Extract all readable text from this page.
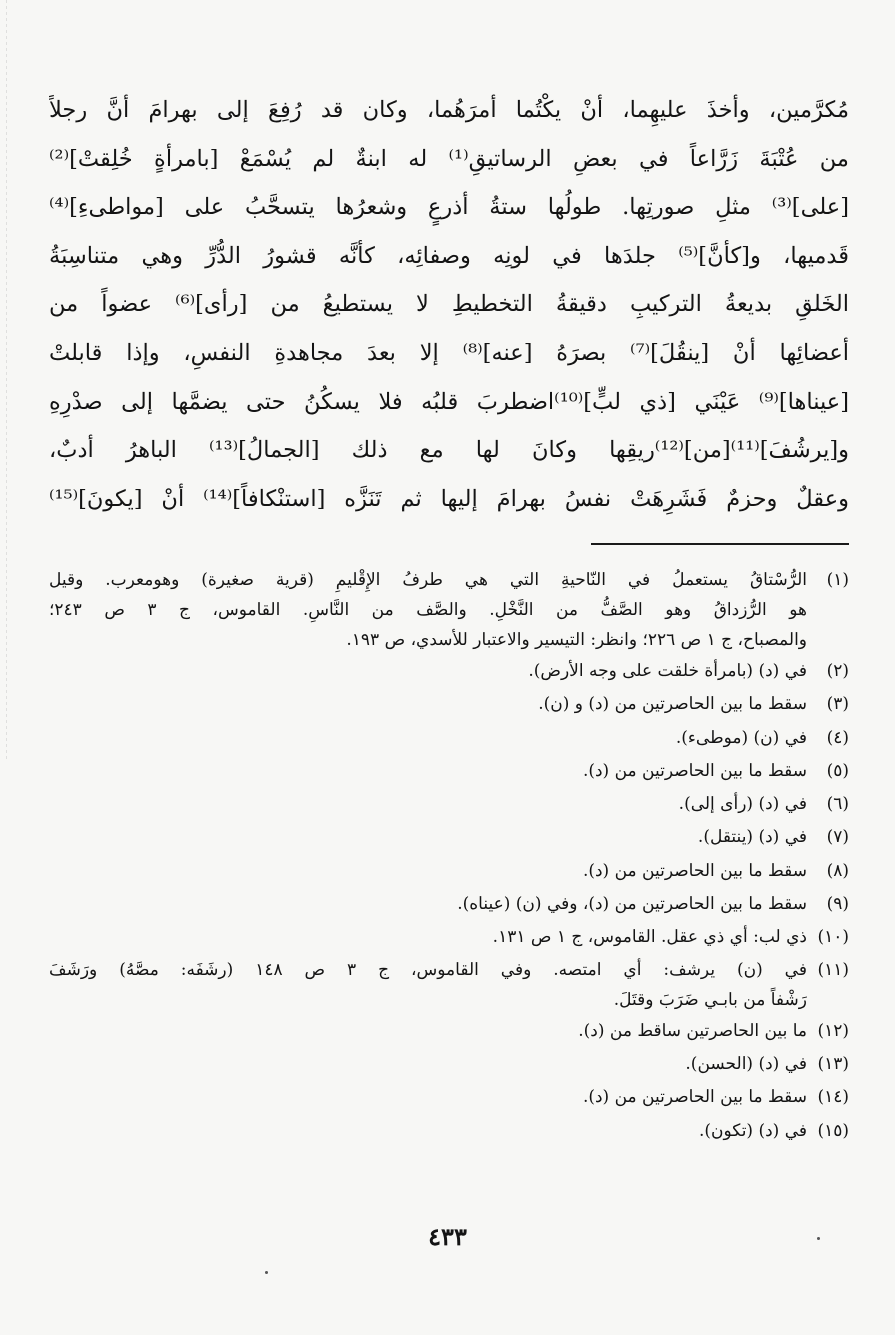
مُكرَّمين، وأخذَ عليهِما، أنْ يكْتُما أمرَهُما، وكان قد رُفِعَ إلى بهرامَ أنَّ رجلاً
من عُتْبَةَ زَرَّاعاً في بعضِ الرساتيقِ⁽¹⁾ له ابنةٌ لم يُسْمَعْ [بامرأةٍ خُلِقتْ]⁽²⁾
[على]⁽³⁾ مثلِ صورتِها. طولُها ستةُ أذرعٍ وشعرُها يتسحَّبُ على [مواطىءِ]⁽⁴⁾
قَدميها، و[كأنَّ]⁽⁵⁾ جلدَها في لونِه وصفائِه، كأنَّه قشورُ الدُّرِّ وهي متناسِبَةُ
الخَلقِ بديعةُ التركيبِ دقيقةُ التخطيطِ لا يستطيعُ من [رأى]⁽⁶⁾ عضواً من
أعضائِها أنْ [ينقُلَ]⁽⁷⁾ بصرَهُ [عنه]⁽⁸⁾ إلا بعدَ مجاهدةِ النفسِ، وإذا قابلتْ
[عيناها]⁽⁹⁾ عَيْنَي [ذي لبٍّ]⁽¹⁰⁾اضطربَ قلبُه فلا يسكُنُ حتى يضمَّها إلى صدْرِهِ
و[يرشُفَ]⁽¹¹⁾[من]⁽¹²⁾ريقِها وكانَ لها مع ذلك [الجمالُ]⁽¹³⁾ الباهرُ أدبٌ،
وعقلٌ وحزمٌ فَشَرِهَتْ نفسُ بهرامَ إليها ثم تَنَزَّه [استنْكافاً]⁽¹⁴⁾ أنْ [يكونَ]⁽¹⁵⁾
(١)
الرُّسْتاقُ يستعملُ في النّاحيةِ التي هي طرفُ الإِقْليمِ (قرية صغيرة) وهومعرب. وقيل
هو الرُّزداقُ وهو الصَّفُّ من النَّخْلِ. والصَّف من النَّاسِ. القاموس، ج ٣ ص ٢٤٣؛
والمصباح، ج ١ ص ٢٢٦؛ وانظر: التيسير والاعتبار للأسدي، ص ١٩٣.
(٢)
في (د) (بامرأة خلقت على وجه الأرض).
(٣)
سقط ما بين الحاصرتين من (د) و (ن).
(٤)
في (ن) (موطىء).
(٥)
سقط ما بين الحاصرتين من (د).
(٦)
في (د) (رأى إلى).
(٧)
في (د) (ينتقل).
(٨)
سقط ما بين الحاصرتين من (د).
(٩)
سقط ما بين الحاصرتين من (د)، وفي (ن) (عيناه).
(١٠)
ذي لب: أي ذي عقل. القاموس، ج ١ ص ١٣١.
(١١)
في (ن) يرشف: أي امتصه. وفي القاموس، ج ٣ ص ١٤٨ (رشَفَه: مصَّهُ) ورَشَفَ
رَشْفاً من بابـي ضَرَبَ وقتَلَ.
(١٢)
ما بين الحاصرتين ساقط من (د).
(١٣)
في (د) (الحسن).
(١٤)
سقط ما بين الحاصرتين من (د).
(١٥)
في (د) (تكون).
٤٣٣
